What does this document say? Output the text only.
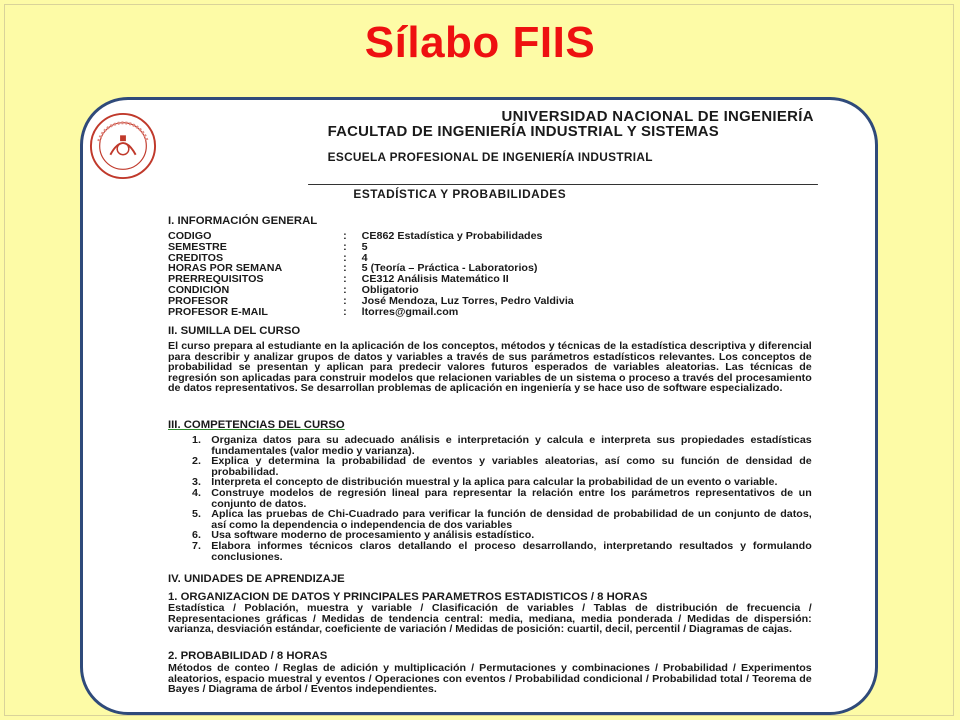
Sílabo FIIS
UNIVERSIDAD NACIONAL DE INGENIERÍA
FACULTAD DE INGENIERÍA INDUSTRIAL Y SISTEMAS
ESCUELA PROFESIONAL DE INGENIERÍA INDUSTRIAL
ESTADÍSTICA Y PROBABILIDADES
I. INFORMACIÓN GENERAL
CODIGO	:	CE862 Estadística y Probabilidades
SEMESTRE	:	5
CREDITOS	:	4
HORAS POR SEMANA	:	5 (Teoría – Práctica - Laboratorios)
PRERREQUISITOS	:	CE312 Análisis Matemático II
CONDICION	:	Obligatorio
PROFESOR	:	José Mendoza, Luz Torres, Pedro Valdivia
PROFESOR E-MAIL	:	ltorres@gmail.com
II. SUMILLA DEL CURSO
El curso prepara al estudiante en la aplicación de los conceptos, métodos y técnicas de la estadística descriptiva y diferencial para describir y analizar grupos de datos y variables a través de sus parámetros estadísticos relevantes. Los conceptos de probabilidad se presentan y aplican para predecir valores futuros esperados de variables aleatorias. Las técnicas de regresión son aplicadas para construir modelos que relacionen variables de un sistema o proceso a través del procesamiento de datos representativos. Se desarrollan problemas de aplicación en ingeniería y se hace uso de software especializado.
III. COMPETENCIAS DEL CURSO
1. Organiza datos para su adecuado análisis e interpretación y calcula e interpreta sus propiedades estadísticas fundamentales (valor medio y varianza).
2. Explica y determina la probabilidad de eventos y variables aleatorias, así como su función de densidad de probabilidad.
3. Interpreta el concepto de distribución muestral y la aplica para calcular la probabilidad de un evento o variable.
4. Construye modelos de regresión lineal para representar la relación entre los parámetros representativos de un conjunto de datos.
5. Aplica las pruebas de Chi-Cuadrado para verificar la función de densidad de probabilidad de un conjunto de datos, así como la dependencia o independencia de dos variables
6. Usa software moderno de procesamiento y análisis estadístico.
7. Elabora informes técnicos claros detallando el proceso desarrollando, interpretando resultados y formulando conclusiones.
IV. UNIDADES DE APRENDIZAJE
1. ORGANIZACION DE DATOS Y PRINCIPALES PARAMETROS ESTADISTICOS / 8 HORAS
Estadística / Población, muestra y variable / Clasificación de variables / Tablas de distribución de frecuencia / Representaciones gráficas / Medidas de tendencia central: media, mediana, media ponderada / Medidas de dispersión: varianza, desviación estándar, coeficiente de variación / Medidas de posición: cuartil, decil, percentil / Diagramas de cajas.
2. PROBABILIDAD / 8 HORAS
Métodos de conteo / Reglas de adición y multiplicación / Permutaciones y combinaciones / Probabilidad / Experimentos aleatorios, espacio muestral y eventos / Operaciones con eventos / Probabilidad condicional / Probabilidad total / Teorema de Bayes / Diagrama de árbol / Eventos independientes.
